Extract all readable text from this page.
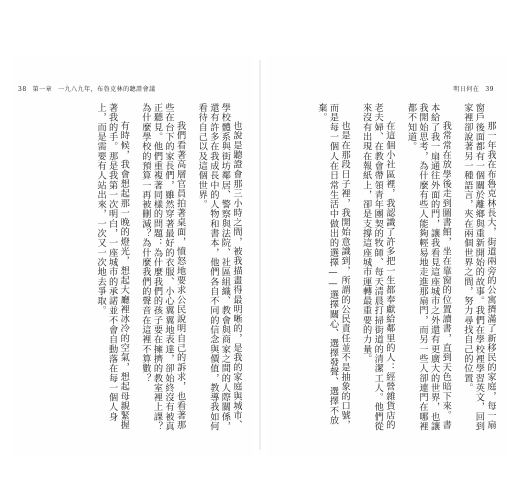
38 第一章 一九八九年，布魯克林的聽證會議	明日何在 39

也說是聽證會那三小時之間，被我描畫得最明晰的，是我的家庭與城市、學校體系與街坊鄰居、警察與法院、社區組織、教會與商家之間的人際關係，還有許多在我成長中的人物和書本，他們各自不同的信念與價值，教導我如何看待自己以及這個世界。

我們看著高層官員拍著桌面，憤怒地要求公民說明自己的訴求，也看著那些在台下的家長們，雖然穿著最好的衣服、小心翼翼地表達，卻始終沒有被真正聽見。他們重複著同樣的問題：為什麼我們的孩子要在擁擠的教室裡上課？為什麼學校的預算一再被刪減？為什麼我們的聲音在這裡不算數？

有時候，我會想起那一晚的燈光，想起大廳裡冰冷的空氣，想起母親緊握著我的手。那是我第一次明白，一座城市的承諾並不會自動落在每一個人身上，而是需要有人站出來，一次又一次地去爭取。	那一年我在布魯克林長大，街道兩旁的公寓擠滿了新移民的家庭，每一扇窗戶後面都有一個關於離鄉與重新開始的故事。我們在學校裡學習英文，回到家裡卻說著另一種語言，夾在兩個世界之間，努力尋找自己的位置。

我常常在放學後走到圖書館，坐在靠窗的位置讀書，直到天色暗下來。書本給了我一扇通往外面的門，讓我看見這座城市之外還有更廣大的世界，也讓我開始思考，為什麼有些人能夠輕易地走進那扇門，而另一些人卻連門在哪裡都不知道。

在這個小社區裡，我認識了許多把一生都奉獻給鄰里的人：經營雜貨店的老夫婦、在教會帶領青年團契的牧師、每天清晨打掃街道的清潔工人。他們從來沒有出現在報紙上，卻是支撐這座城市運轉最重要的力量。

也是在那段日子裡，我開始意識到，所謂的公民責任並不是抽象的口號，而是每一個人在日常生活中做出的選擇——選擇關心、選擇發聲、選擇不放棄。
